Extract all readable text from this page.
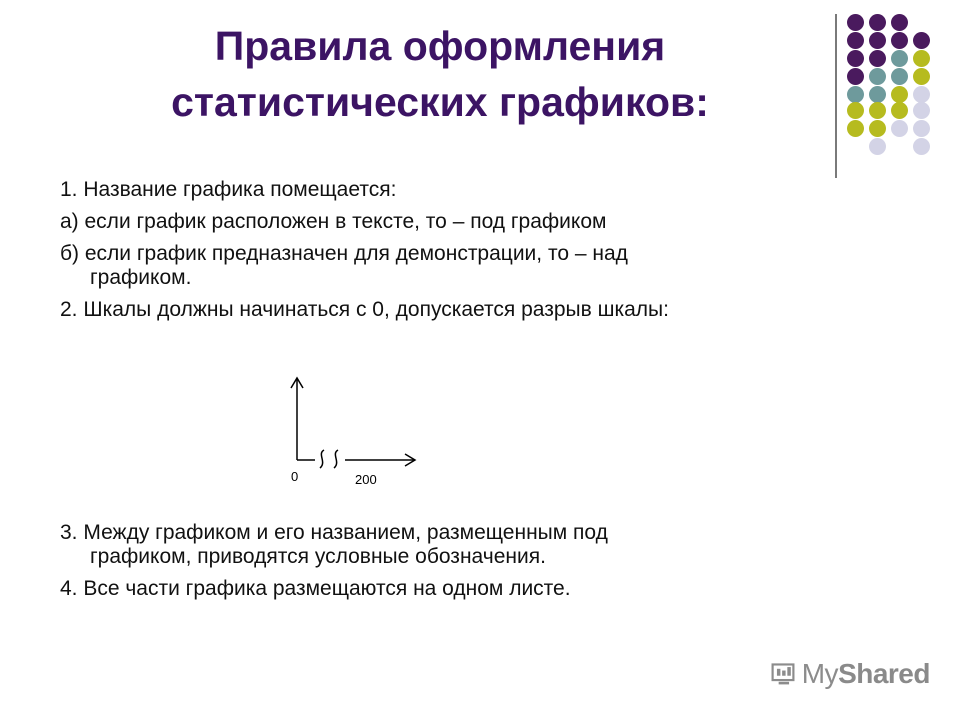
Правила оформления
статистических графиков:

1. Название графика помещается:

а) если график расположен в тексте, то – под графиком

б) если график предназначен для демонстрации, то – над

графиком.

2. Шкалы должны начинаться с 0, допускается разрыв шкалы:

3. Между графиком и его названием, размещенным под

графиком, приводятся условные обозначения.

4. Все части графика размещаются на одном листе.

0	200
MyShared
